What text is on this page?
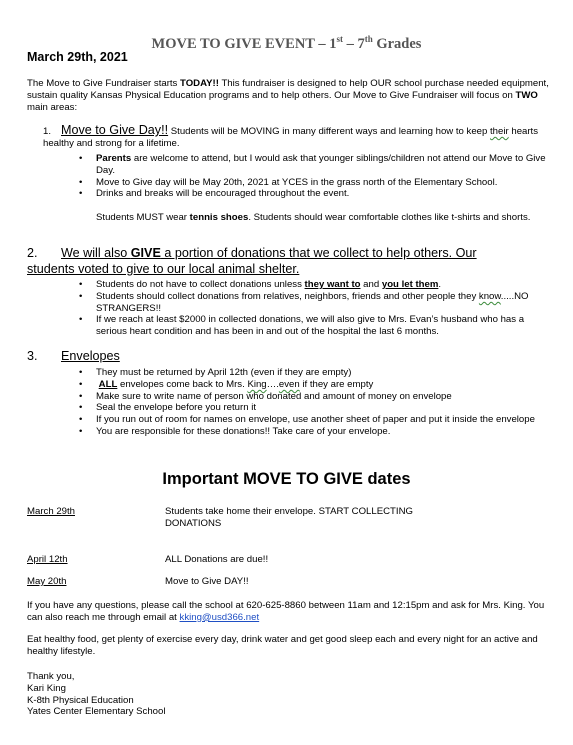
MOVE TO GIVE EVENT – 1st – 7th Grades
March 29th, 2021
The Move to Give Fundraiser starts TODAY!! This fundraiser is designed to help OUR school purchase needed equipment, sustain quality Kansas Physical Education programs and to help others. Our Move to Give Fundraiser will focus on TWO main areas:
1. Move to Give Day!! Students will be MOVING in many different ways and learning how to keep their hearts healthy and strong for a lifetime.
• Parents are welcome to attend, but I would ask that younger siblings/children not attend our Move to Give Day.
• Move to Give day will be May 20th, 2021 at YCES in the grass north of the Elementary School.
• Drinks and breaks will be encouraged throughout the event.
Students MUST wear tennis shoes. Students should wear comfortable clothes like t-shirts and shorts.
2. We will also GIVE a portion of donations that we collect to help others. Our
students voted to give to our local animal shelter.
• Students do not have to collect donations unless they want to and you let them.
• Students should collect donations from relatives, neighbors, friends and other people they know.....NO STRANGERS!!
• If we reach at least $2000 in collected donations, we will also give to Mrs. Evan’s husband who has a serious heart condition and has been in and out of the hospital the last 6 months.
3. Envelopes
• They must be returned by April 12th (even if they are empty)
• ALL envelopes come back to Mrs. King….even if they are empty
• Make sure to write name of person who donated and amount of money on envelope
• Seal the envelope before you return it
• If you run out of room for names on envelope, use another sheet of paper and put it inside the envelope
• You are responsible for these donations!! Take care of your envelope.
Important MOVE TO GIVE dates
March 29th	Students take home their envelope. START COLLECTING DONATIONS
April 12th	ALL Donations are due!!
May 20th	Move to Give DAY!!
If you have any questions, please call the school at 620-625-8860 between 11am and 12:15pm and ask for Mrs. King. You can also reach me through email at kking@usd366.net
Eat healthy food, get plenty of exercise every day, drink water and get good sleep each and every night for an active and healthy lifestyle.
Thank you,
Kari King
K-8th Physical Education
Yates Center Elementary School
